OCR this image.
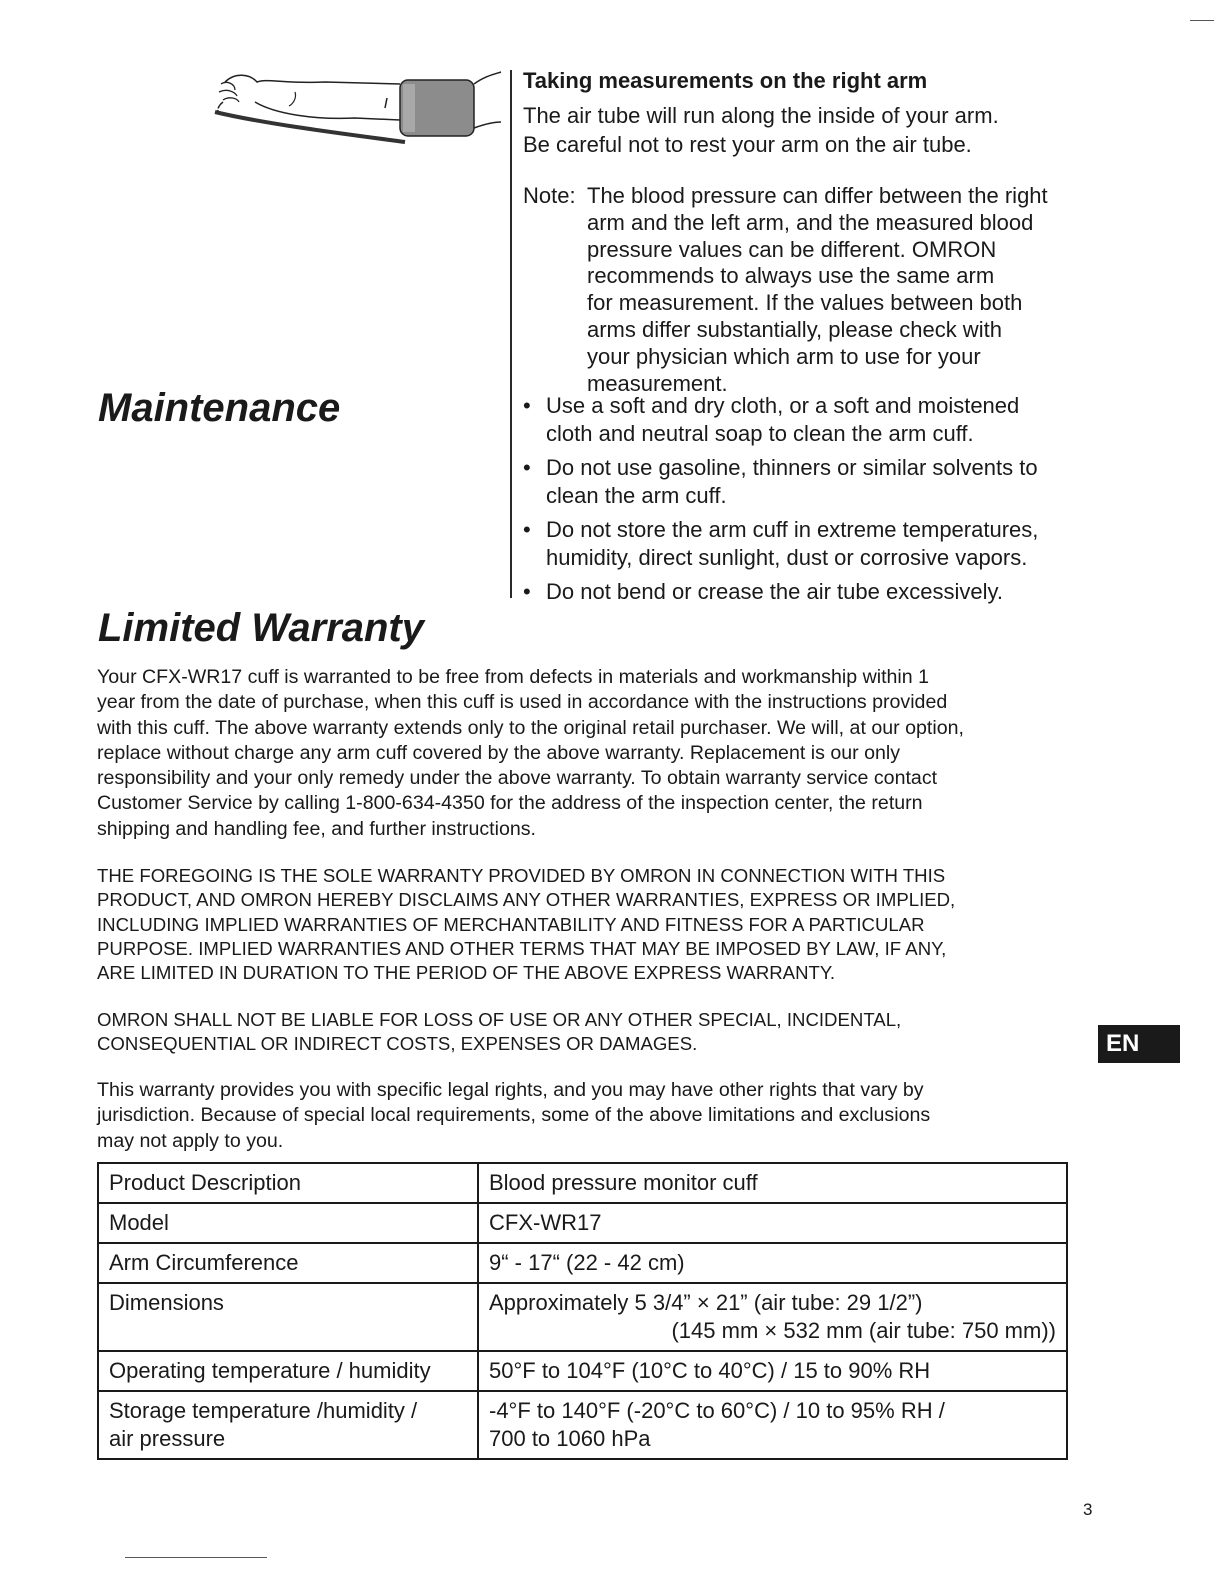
Taking measurements on the right arm

The air tube will run along the inside of your arm.

Be careful not to rest your arm on the air tube.

Note: The blood pressure can differ between the right
arm and the left arm, and the measured blood
pressure values can be different. OMRON
recommends to always use the same arm
for measurement. If the values between both
arms differ substantially, please check with
your physician which arm to use for your
measurement.
Maintenance	• Use a soft and dry cloth, or a soft and moistened
cloth and neutral soap to clean the arm cuff.
• Do not use gasoline, thinners or similar solvents to
clean the arm cuff.
• Do not store the arm cuff in extreme temperatures,
humidity, direct sunlight, dust or corrosive vapors.
• Do not bend or crease the air tube excessively.
Limited Warranty

Your CFX-WR17 cuff is warranted to be free from defects in materials and workmanship within 1
year from the date of purchase, when this cuff is used in accordance with the instructions provided
with this cuff. The above warranty extends only to the original retail purchaser. We will, at our option,
replace without charge any arm cuff covered by the above warranty. Replacement is our only
responsibility and your only remedy under the above warranty. To obtain warranty service contact
Customer Service by calling 1-800-634-4350 for the address of the inspection center, the return
shipping and handling fee, and further instructions.

THE FOREGOING IS THE SOLE WARRANTY PROVIDED BY OMRON IN CONNECTION WITH THIS
PRODUCT, AND OMRON HEREBY DISCLAIMS ANY OTHER WARRANTIES, EXPRESS OR IMPLIED,
INCLUDING IMPLIED WARRANTIES OF MERCHANTABILITY AND FITNESS FOR A PARTICULAR
PURPOSE. IMPLIED WARRANTIES AND OTHER TERMS THAT MAY BE IMPOSED BY LAW, IF ANY,
ARE LIMITED IN DURATION TO THE PERIOD OF THE ABOVE EXPRESS WARRANTY.

OMRON SHALL NOT BE LIABLE FOR LOSS OF USE OR ANY OTHER SPECIAL, INCIDENTAL,
CONSEQUENTIAL OR INDIRECT COSTS, EXPENSES OR DAMAGES.

This warranty provides you with specific legal rights, and you may have other rights that vary by
jurisdiction. Because of special local requirements, some of the above limitations and exclusions
may not apply to you.

EN
Product Description	Blood pressure monitor cuff
Model	CFX-WR17
Arm Circumference	9“ - 17“ (22 - 42 cm)
Dimensions	Approximately 5 3/4” × 21” (air tube: 29 1/2”)
(145 mm × 532 mm (air tube: 750 mm))

Operating temperature / humidity	50°F to 104°F (10°C to 40°C) / 15 to 90% RH

Storage temperature /humidity /
air pressure	-4°F to 140°F (-20°C to 60°C) / 10 to 95% RH /
700 to 1060 hPa
3
